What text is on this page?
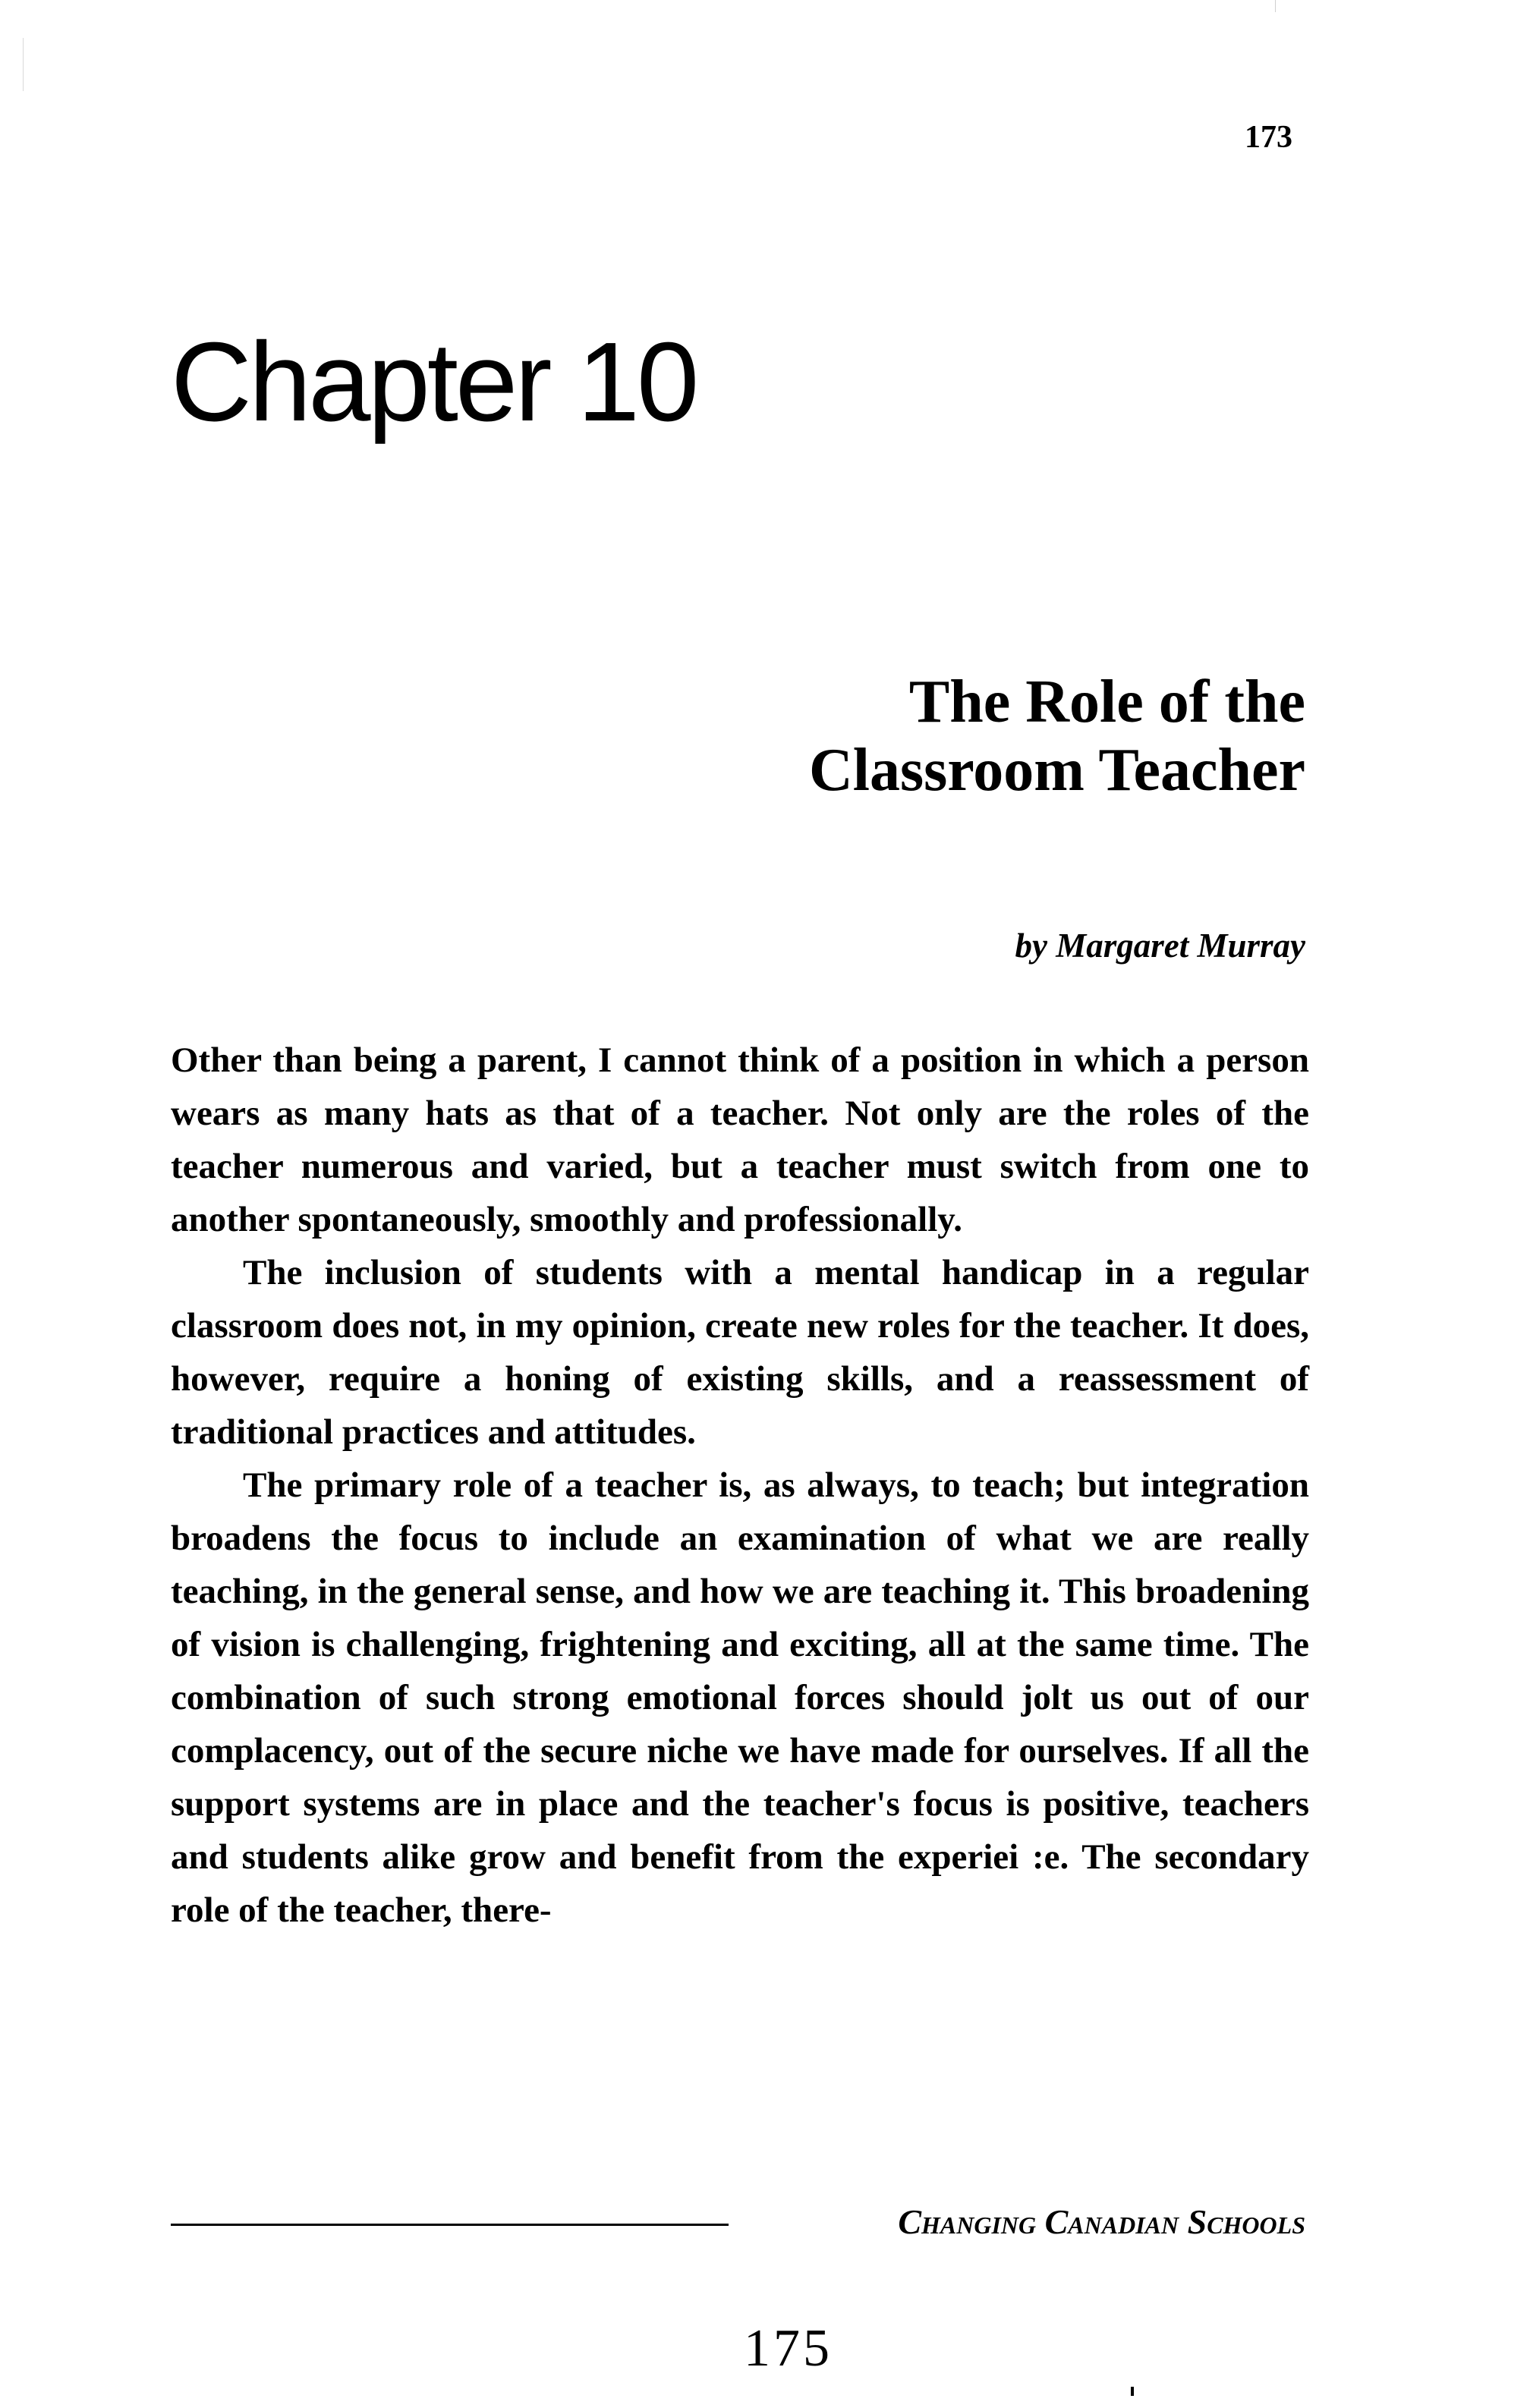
173
Chapter 10
The Role of the Classroom Teacher
by Margaret Murray

Other than being a parent, I cannot think of a position in which a person wears as many hats as that of a teacher. Not only are the roles of the teacher numerous and varied, but a teacher must switch from one to another spontaneously, smoothly and professionally.

The inclusion of students with a mental handicap in a regular classroom does not, in my opinion, create new roles for the teacher. It does, however, require a honing of existing skills, and a reassessment of traditional practices and attitudes.

The primary role of a teacher is, as always, to teach; but integration broadens the focus to include an examination of what we are really teaching, in the general sense, and how we are teaching it. This broadening of vision is challenging, frightening and exciting, all at the same time. The combination of such strong emotional forces should jolt us out of our complacency, out of the secure niche we have made for ourselves. If all the support systems are in place and the teacher's focus is positive, teachers and students alike grow and benefit from the experiei :e. The secondary role of the teacher, there-

Changing Canadian Schools
175
